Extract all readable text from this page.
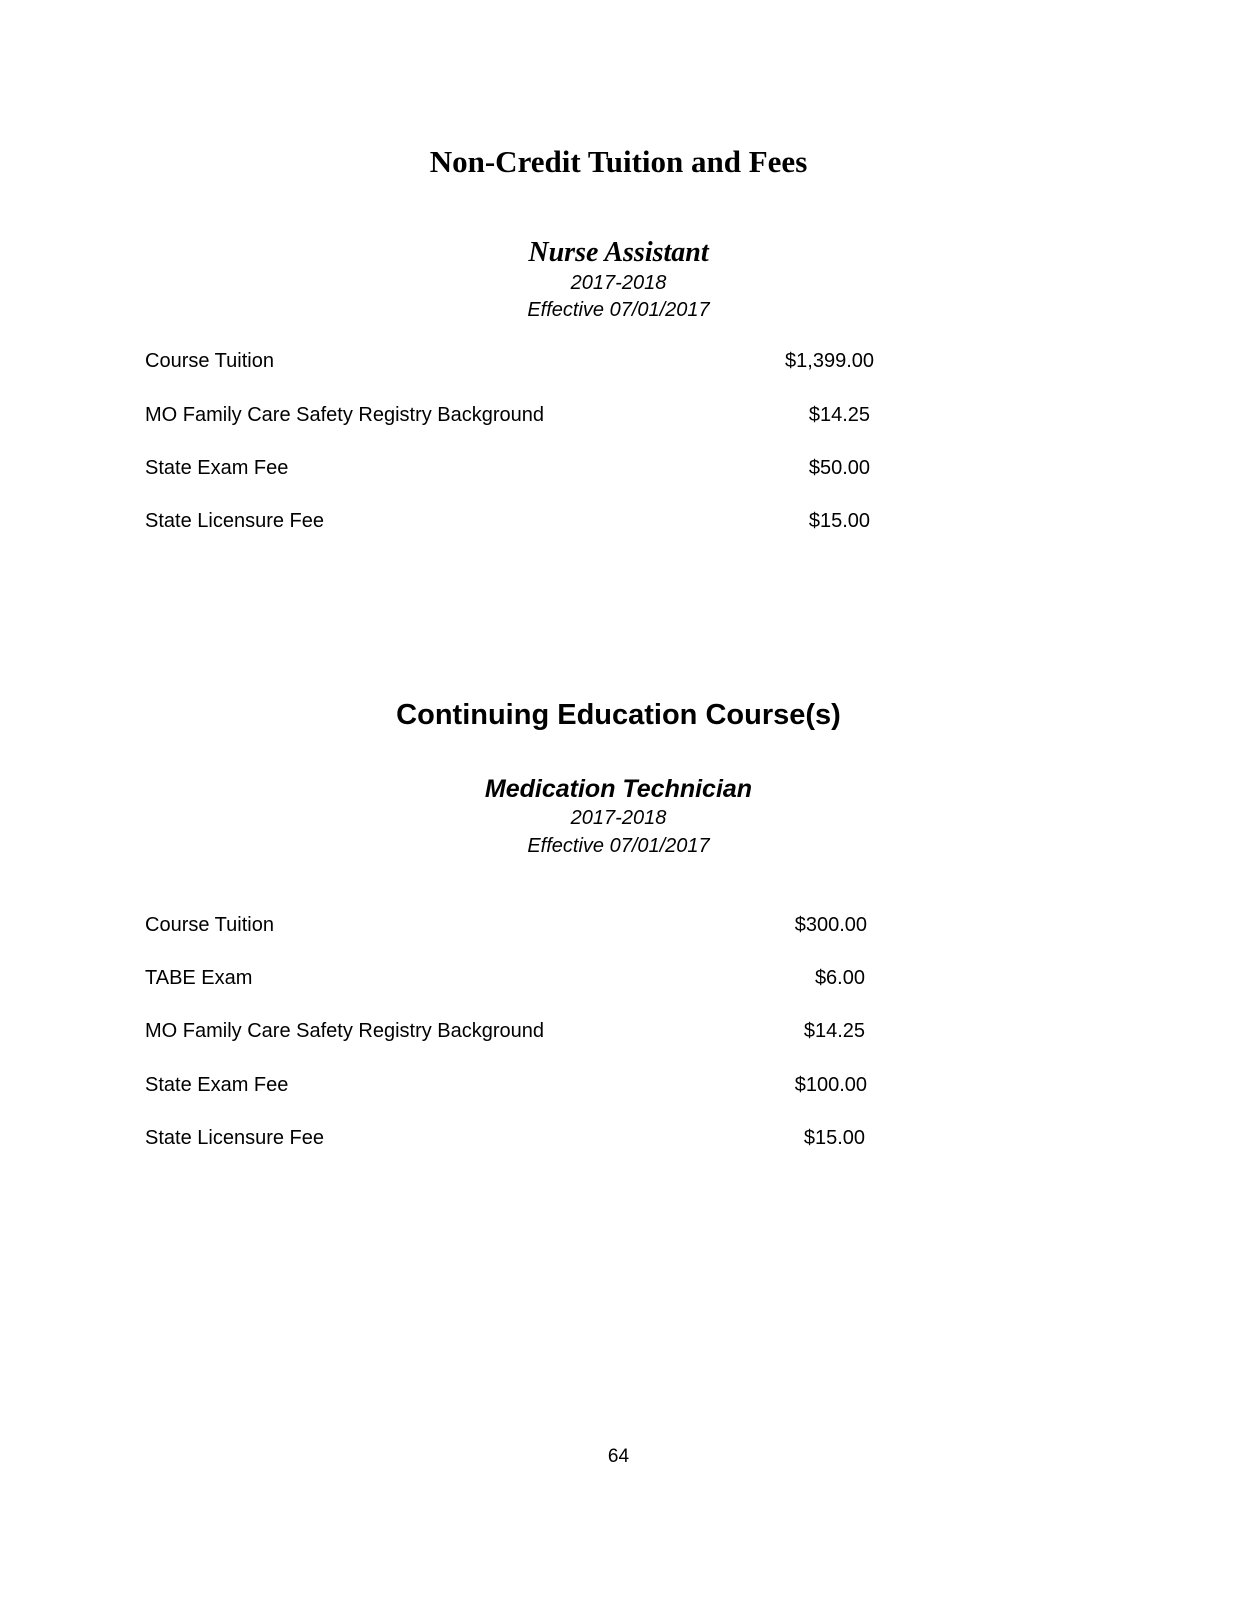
Non-Credit Tuition and Fees
Nurse Assistant
2017-2018
Effective 07/01/2017
Course Tuition	$1,399.00
MO Family Care Safety Registry Background	$14.25
State Exam Fee	$50.00
State Licensure Fee	$15.00
Continuing Education Course(s)
Medication Technician
2017-2018
Effective 07/01/2017
Course Tuition	$300.00
TABE Exam	$6.00
MO Family Care Safety Registry Background	$14.25
State Exam Fee	$100.00
State Licensure Fee	$15.00
64
